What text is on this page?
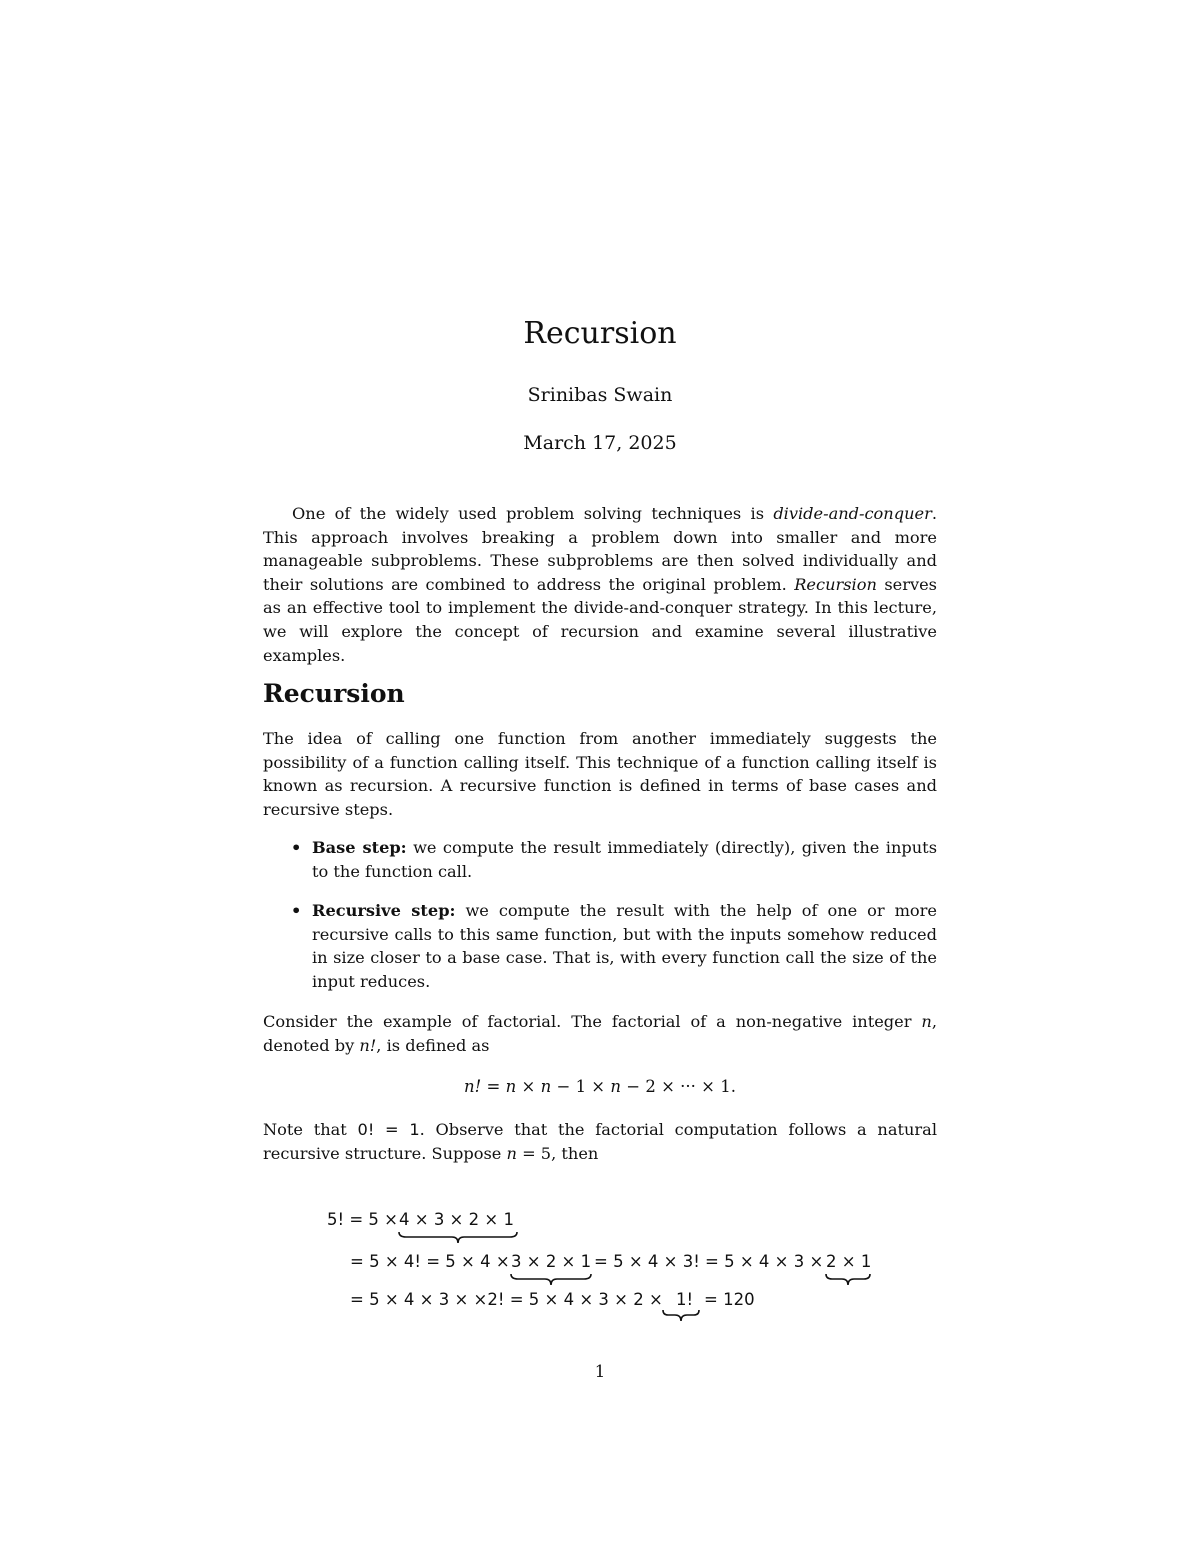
Recursion
Srinibas Swain
March 17, 2025
One of the widely used problem solving techniques is divide-and-conquer. This approach involves breaking a problem down into smaller and more manageable subproblems. These subproblems are then solved individually and their solutions are combined to address the original problem. Recursion serves as an effective tool to implement the divide-and-conquer strategy. In this lecture, we will explore the concept of recursion and examine several illustrative examples.
Recursion
The idea of calling one function from another immediately suggests the possibility of a function calling itself. This technique of a function calling itself is known as recursion. A recursive function is defined in terms of base cases and recursive steps.
• Base step: we compute the result immediately (directly), given the inputs to the function call.
• Recursive step: we compute the result with the help of one or more recursive calls to this same function, but with the inputs somehow reduced in size closer to a base case. That is, with every function call the size of the input reduces.
Consider the example of factorial. The factorial of a non-negative integer n, denoted by n!, is defined as
n! = n × n − 1 × n − 2 × ··· × 1.
Note that 0! = 1. Observe that the factorial computation follows a natural recursive structure. Suppose n = 5, then
5! = 5 × 4 × 3 × 2 × 1
= 5 × 4! = 5 × 4 × 3 × 2 × 1 = 5 × 4 × 3! = 5 × 4 × 3 × 2 × 1
= 5 × 4 × 3 × ×2! = 5 × 4 × 3 × 2 × 1! = 120
1
